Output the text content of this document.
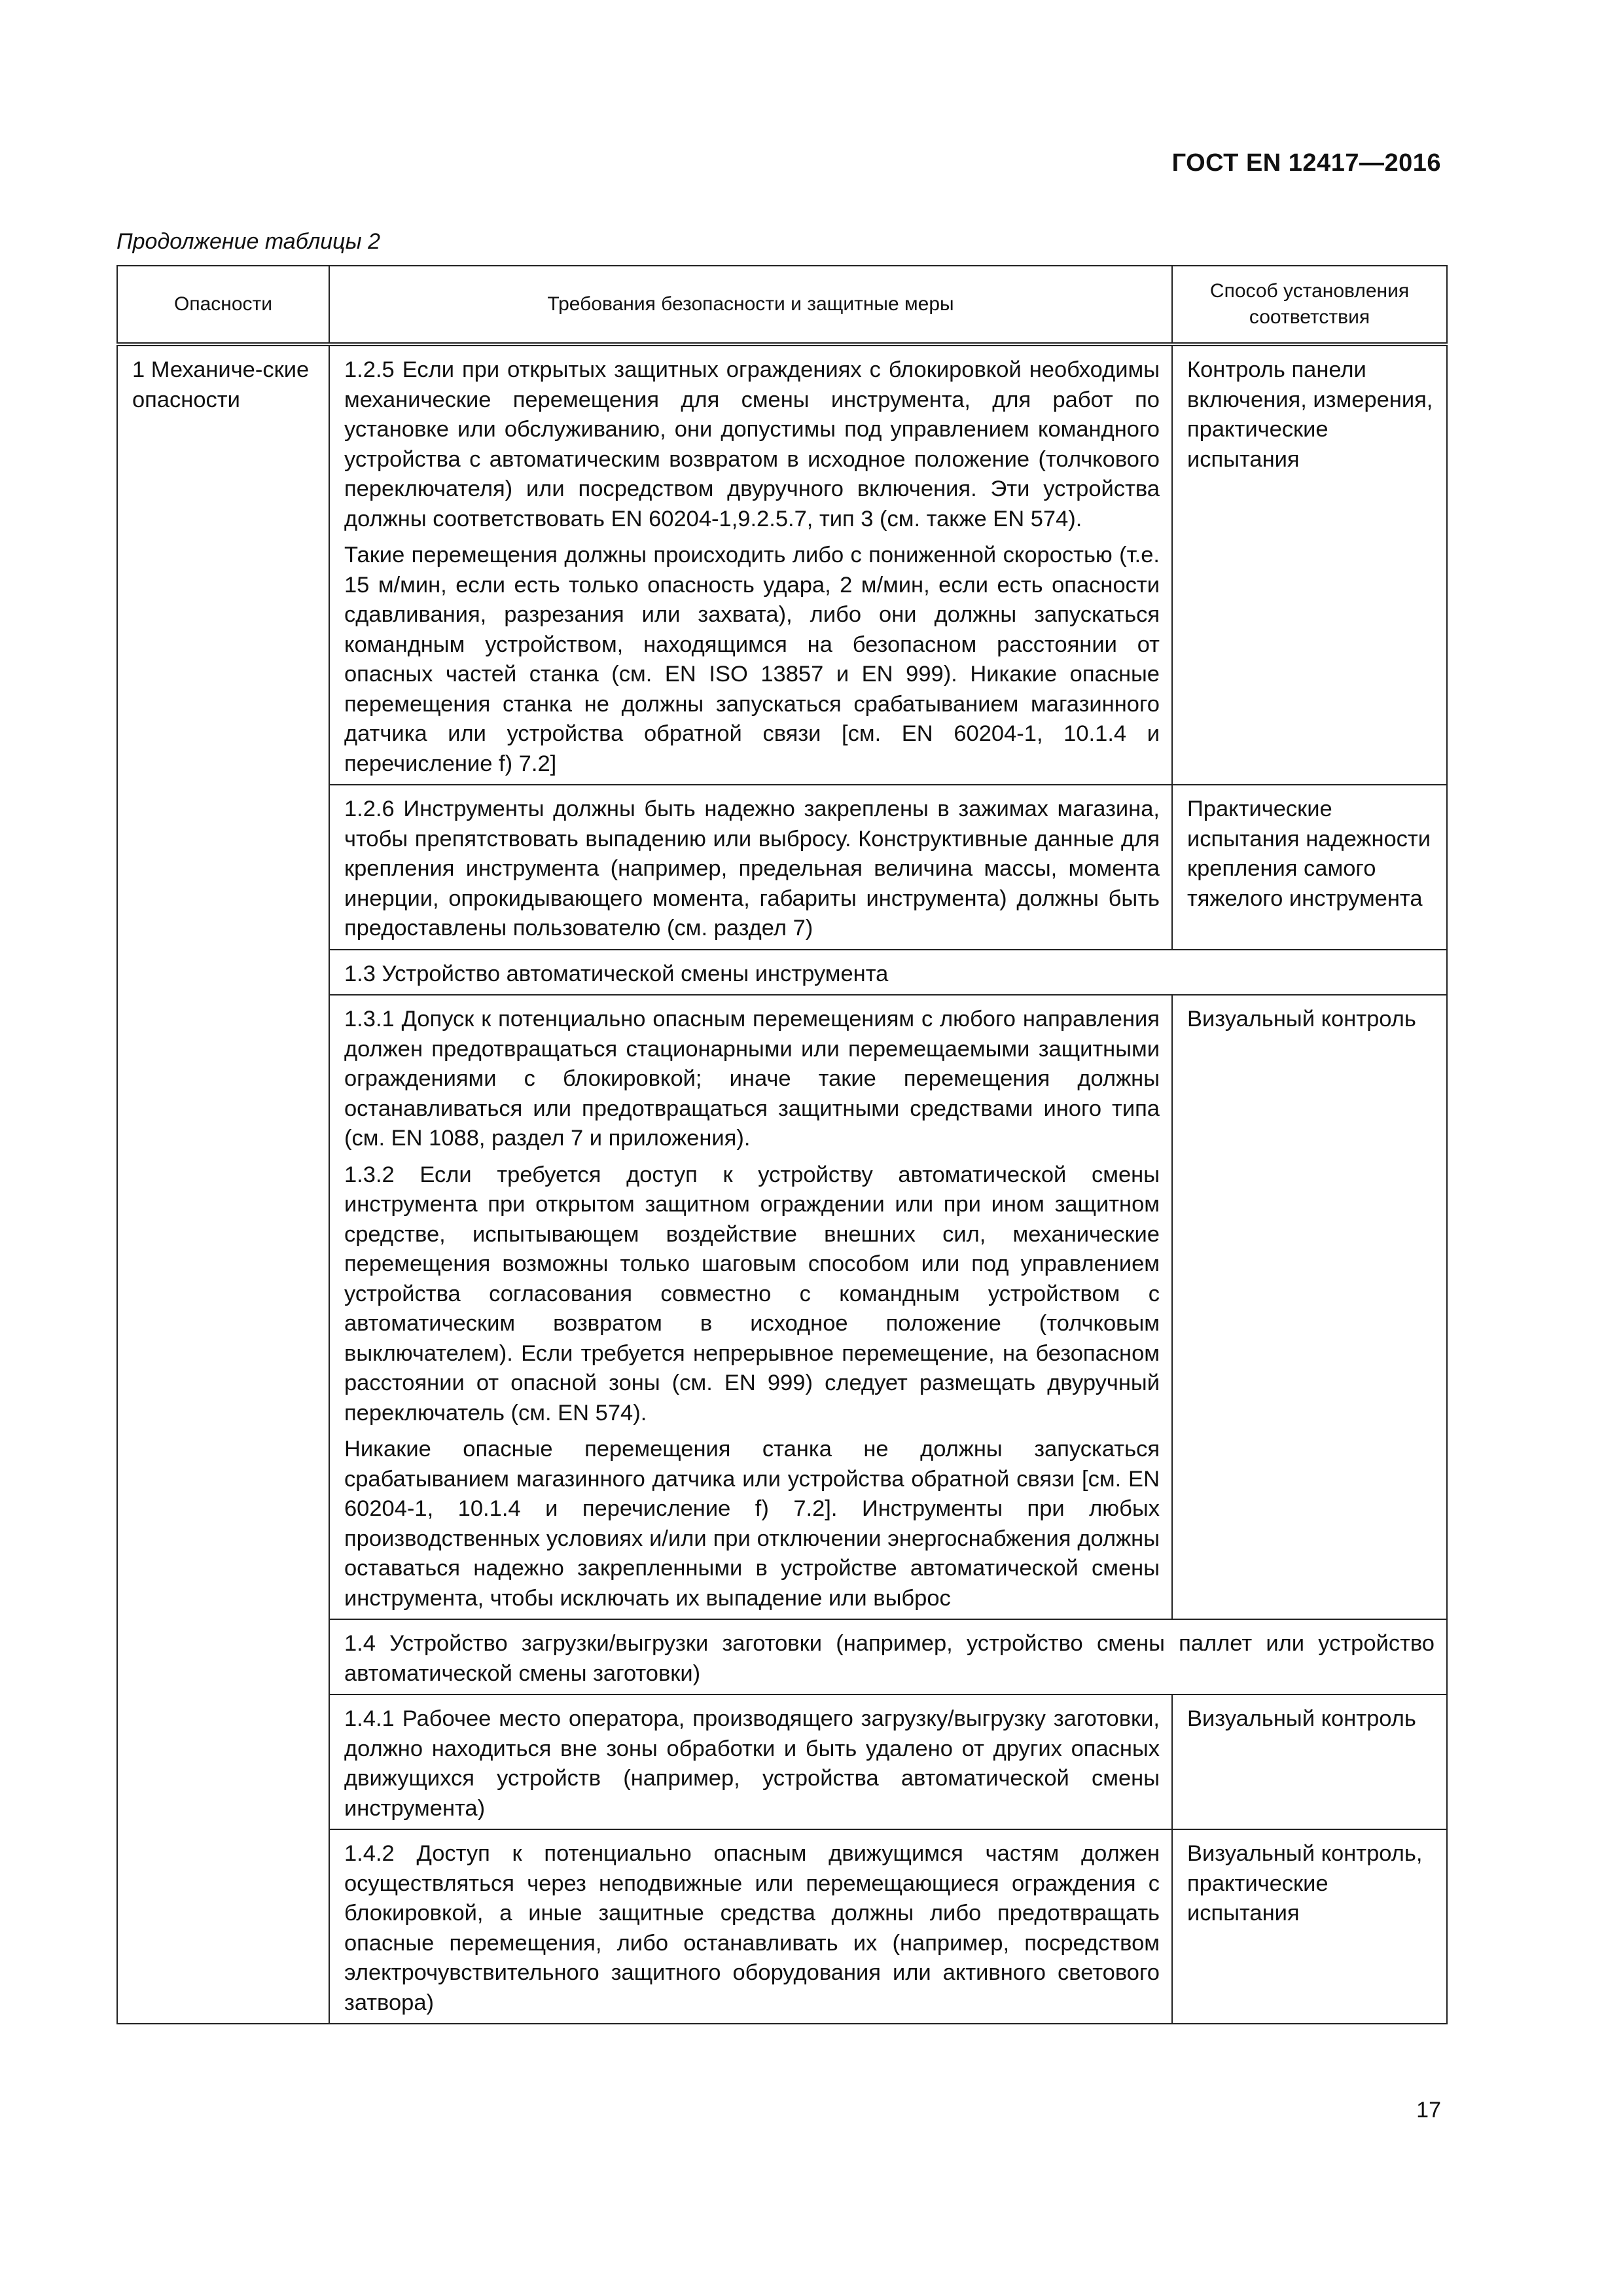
ГОСТ EN 12417—2016
Продолжение таблицы 2
Опасности	Требования безопасности и защитные меры	Способ установления соответствия
1 Механиче-ские опасности	1.2.5 Если при открытых защитных ограждениях с блокировкой необходимы механические перемещения для смены инструмента, для работ по установке или обслуживанию, они допустимы под управлением командного устройства с автоматическим возвратом в исходное положение (толчкового переключателя) или посредством двуручного включения. Эти устройства должны соответствовать EN 60204-1,9.2.5.7, тип 3 (см. также EN 574).

Такие перемещения должны происходить либо с пониженной скоростью (т.е. 15 м/мин, если есть только опасность удара, 2 м/мин, если есть опасности сдавливания, разрезания или захвата), либо они должны запускаться командным устройством, находящимся на безопасном расстоянии от опасных частей станка (см. EN ISO 13857 и EN 999). Никакие опасные перемещения станка не должны запускаться срабатыванием магазинного датчика или устройства обратной связи [см. EN 60204-1, 10.1.4 и перечисление f) 7.2]	Контроль панели включения, измерения, практические испытания

	1.2.6 Инструменты должны быть надежно закреплены в зажимах магазина, чтобы препятствовать выпадению или выбросу. Конструктивные данные для крепления инструмента (например, предельная величина массы, момента инерции, опрокидывающего момента, габариты инструмента) должны быть предоставлены пользователю (см. раздел 7)	Практические испытания надежности крепления самого тяжелого инструмента
	1.3 Устройство автоматической смены инструмента	

	1.3.1 Допуск к потенциально опасным перемещениям с любого направления должен предотвращаться стационарными или перемещаемыми защитными ограждениями с блокировкой; иначе такие перемещения должны останавливаться или предотвращаться защитными средствами иного типа (см. EN 1088, раздел 7 и приложения).

1.3.2 Если требуется доступ к устройству автоматической смены инструмента при открытом защитном ограждении или при ином защитном средстве, испытывающем воздействие внешних сил, механические перемещения возможны только шаговым способом или под управлением устройства согласования совместно с командным устройством с автоматическим возвратом в исходное положение (толчковым выключателем). Если требуется непрерывное перемещение, на безопасном расстоянии от опасной зоны (см. EN 999) следует размещать двуручный переключатель (см. EN 574).

Никакие опасные перемещения станка не должны запускаться срабатыванием магазинного датчика или устройства обратной связи [см. EN 60204-1, 10.1.4 и перечисление f) 7.2]. Инструменты при любых производственных условиях и/или при отключении энергоснабжения должны оставаться надежно закрепленными в устройстве автоматической смены инструмента, чтобы исключать их выпадение или выброс	Визуальный контроль

	1.4 Устройство загрузки/выгрузки заготовки (например, устройство смены паллет или устройство автоматической смены заготовки)	

	1.4.1 Рабочее место оператора, производящего загрузку/выгрузку заготовки, должно находиться вне зоны обработки и быть удалено от других опасных движущихся устройств (например, устройства автоматической смены инструмента)	Визуальный контроль

	1.4.2 Доступ к потенциально опасным движущимся частям должен осуществляться через неподвижные или перемещающиеся ограждения с блокировкой, а иные защитные средства должны либо предотвращать опасные перемещения, либо останавливать их (например, посредством электрочувствительного защитного оборудования или активного светового затвора)	Визуальный контроль, практические испытания
17
